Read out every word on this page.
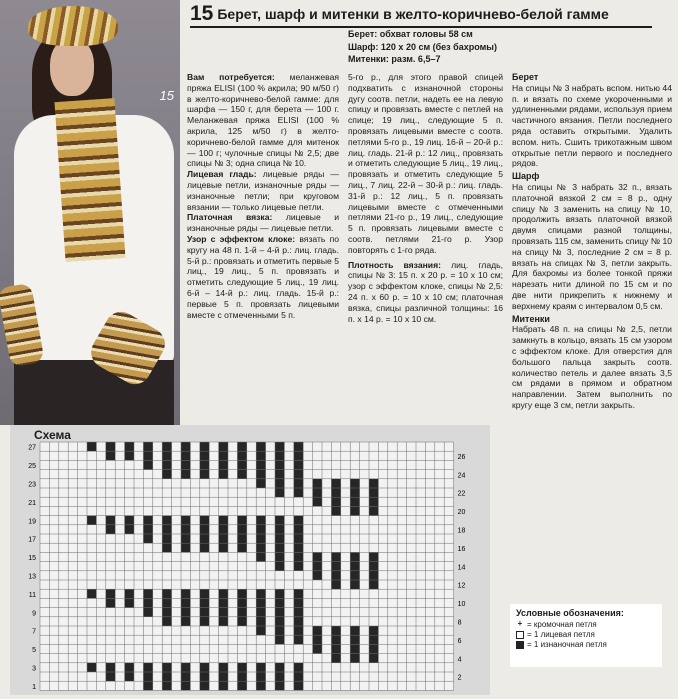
15
15 Берет, шарф и митенки в желто-коричнево-белой гамме
Берет: обхват головы 58 см
Шарф: 120 х 20 см (без бахромы)
Митенки: разм. 6,5–7

Вам потребуется: меланжевая пряжа ELISI (100 % акрила; 90 м/50 г) в желто-коричнево-белой гамме: для шарфа — 150 г, для берета — 100 г. Меланжевая пряжа ELISI (100 % акрила, 125 м/50 г) в желто-коричнево-белой гамме для митенок — 100 г; чулочные спицы № 2,5; две спицы № 3; одна спица № 10.

Лицевая гладь: лицевые ряды — лицевые петли, изнаночные ряды — изнаночные петли; при круговом вязании — только лицевые петли.

Платочная вязка: лицевые и изнаночные ряды — лицевые петли.

Узор с эффектом клоке: вязать по кругу на 48 п. 1-й – 4-й р.: лиц. гладь. 5-й р.: провязать и отметить первые 5 лиц., 19 лиц., 5 п. провязать и отметить следующие 5 лиц., 19 лиц. 6-й – 14-й р.: лиц. гладь. 15-й р.: первые 5 п. провязать лицевыми вместе с отмеченными 5 п.

5-го р., для этого правой спицей подхватить с изнаночной стороны дугу соотв. петли, надеть ее на левую спицу и провязать вместе с петлей на спице; 19 лиц., следующие 5 п. провязать лицевыми вместе с соотв. петлями 5-го р., 19 лиц. 16-й – 20-й р.: лиц. гладь. 21-й р.: 12 лиц., провязать и отметить следующие 5 лиц., 19 лиц., провязать и отметить следующие 5 лиц., 7 лиц. 22-й – 30-й р.: лиц. гладь. 31-й р.: 12 лиц., 5 п. провязать лицевыми вместе с отмеченными петлями 21-го р., 19 лиц., следующие 5 п. провязать лицевыми вместе с соотв. петлями 21-го р. Узор повторять с 1-го ряда.

Плотность вязания: лиц. гладь, спицы № 3: 15 п. х 20 р. = 10 х 10 см; узор с эффектом клоке, спицы № 2,5: 24 п. х 60 р. = 10 х 10 см; платочная вязка, спицы различной толщины: 16 п. х 14 р. = 10 х 10 см.

Берет

На спицы № 3 набрать вспом. нитью 44 п. и вязать по схеме укороченными и удлиненными рядами, используя прием частичного вязания. Петли последнего ряда оставить открытыми. Удалить вспом. нить. Сшить трикотажным швом открытые петли первого и последнего рядов.

Шарф

На спицы № 3 набрать 32 п., вязать платочной вязкой 2 см = 8 р., одну спицу № 3 заменить на спицу № 10, продолжить вязать платочной вязкой двумя спицами разной толщины, провязать 115 см, заменить спицу № 10 на спицу № 3, последние 2 см = 8 р. вязать на спицах № 3, петли закрыть. Для бахромы из более тонкой пряжи нарезать нити длиной по 15 см и по две нити прикрепить к нижнему и верхнему краям с интервалом 0,5 см.

Митенки

Набрать 48 п. на спицы № 2,5, петли замкнуть в кольцо, вязать 15 см узором с эффектом клоке. Для отверстия для большого пальца закрыть соотв. количество петель и далее вязать 3,5 см рядами в прямом и обратном направлении. Затем выполнить по кругу еще 3 см, петли закрыть.

Схема
27
25
23
21
19
17
15
13
11
9
7
5
3
1
26
24
22
20
18
16
14
12
10
8
6
4
2
Условные обозначения:
+ = кромочная петля
= 1 лицевая петля
= 1 изнаночная петля
